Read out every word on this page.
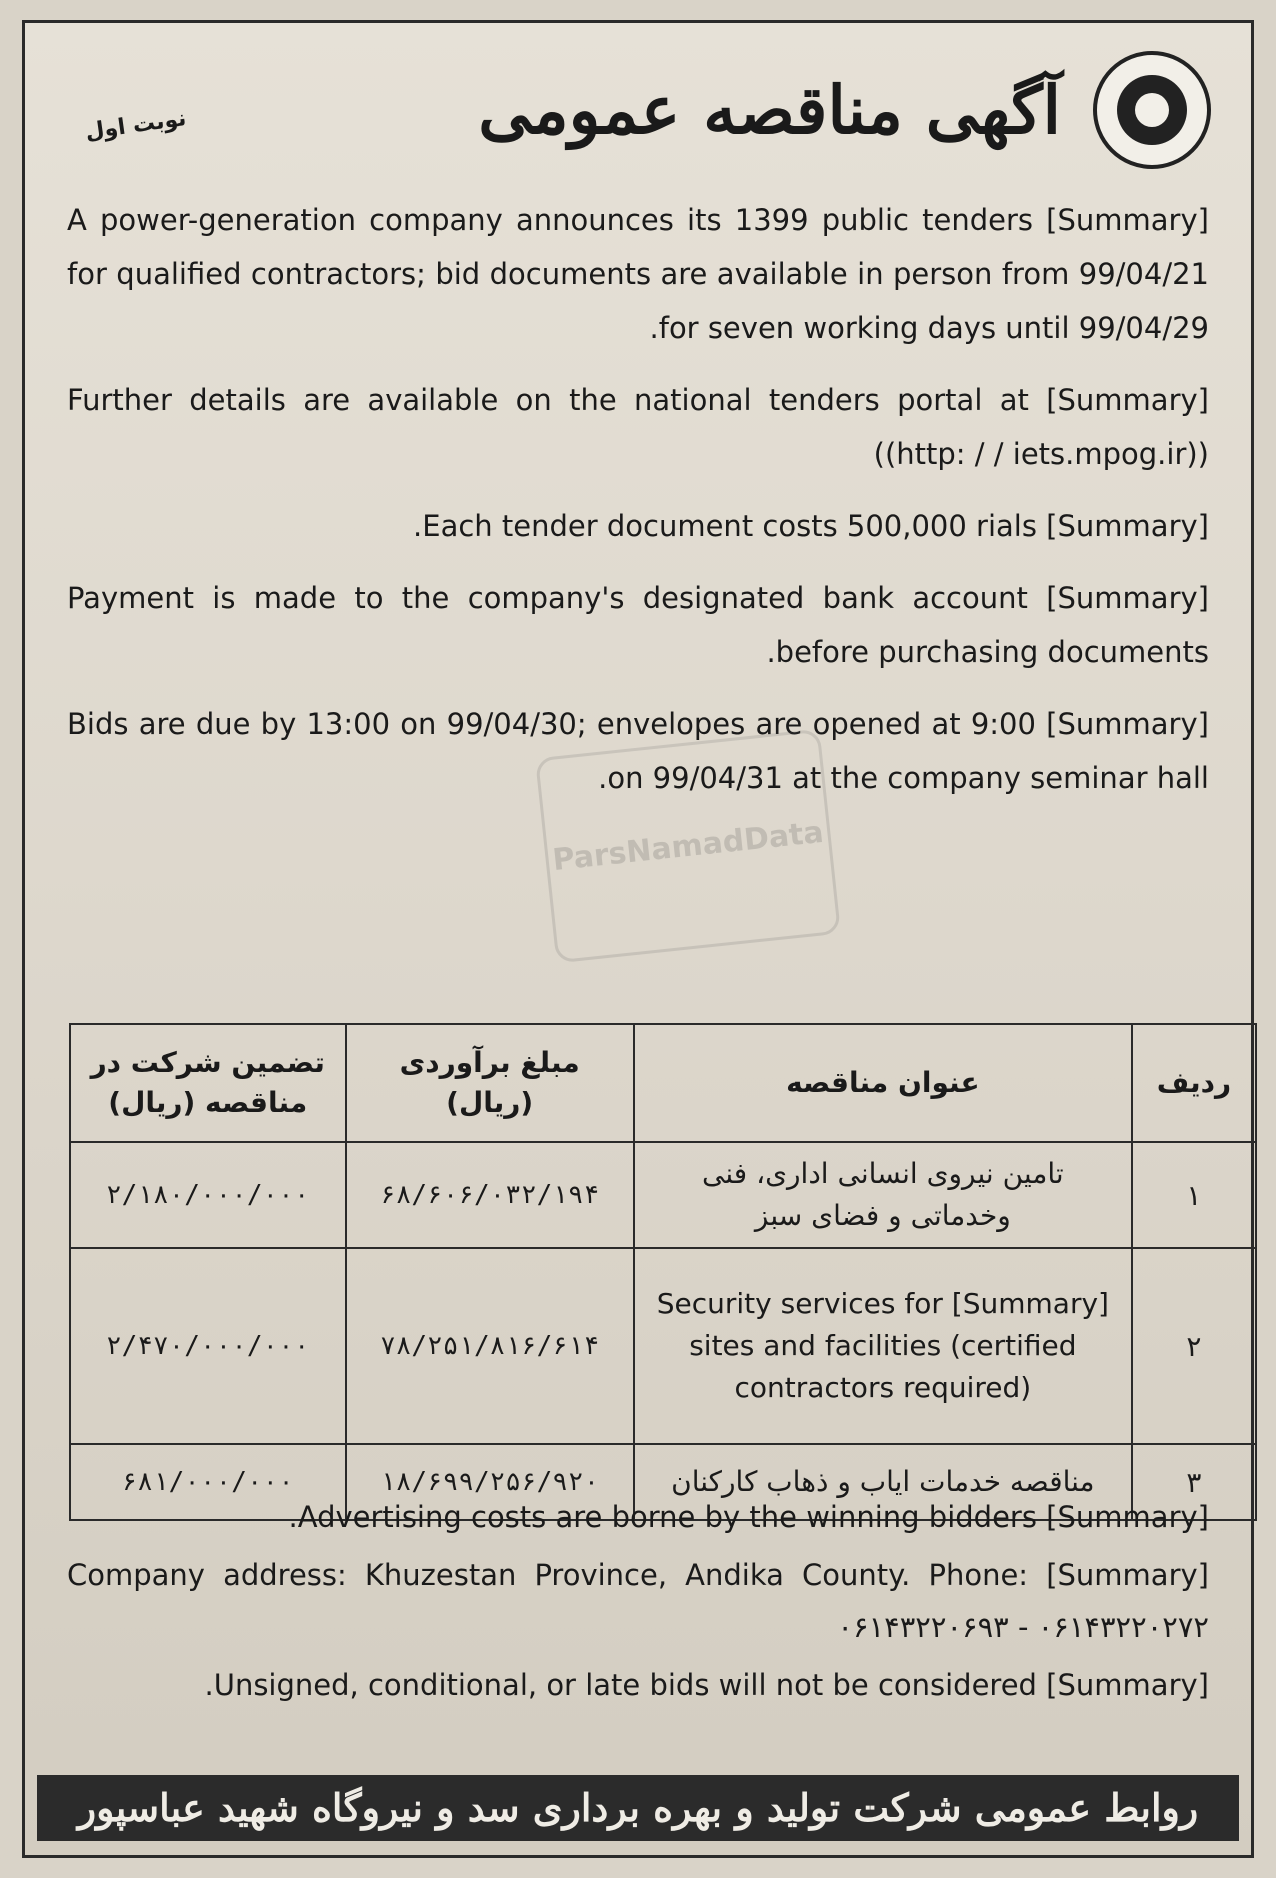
آگهی مناقصه عمومی
نوبت اول

[Summary] A power-generation company announces its 1399 public tenders for qualified contractors; bid documents are available in person from 99/04/21 for seven working days until 99/04/29.

[Summary] Further details are available on the national tenders portal at ((http: / / iets.mpog.ir))

[Summary] Each tender document costs 500,000 rials.

[Summary] Payment is made to the company's designated bank account before purchasing documents.

[Summary] Bids are due by 13:00 on 99/04/30; envelopes are opened at 9:00 on 99/04/31 at the company seminar hall.

ParsNamadData
ردیف	عنوان مناقصه	مبلغ برآوردی (ریال)	تضمین شرکت در مناقصه (ریال)
۱	تامین نیروی انسانی اداری، فنی وخدماتی و فضای سبز	۶۸/۶۰۶/۰۳۲/۱۹۴	۲/۱۸۰/۰۰۰/۰۰۰
۲	[Summary] Security services for sites and facilities (certified contractors required)	۷۸/۲۵۱/۸۱۶/۶۱۴	۲/۴۷۰/۰۰۰/۰۰۰
۳	مناقصه خدمات ایاب و ذهاب کارکنان	۱۸/۶۹۹/۲۵۶/۹۲۰	۶۸۱/۰۰۰/۰۰۰

[Summary] Advertising costs are borne by the winning bidders.

[Summary] Company address: Khuzestan Province, Andika County. Phone: ۰۶۱۴۳۲۲۰۶۹۳ - ۰۶۱۴۳۲۲۰۲۷۲

[Summary] Unsigned, conditional, or late bids will not be considered.

روابط عمومی شرکت تولید و بهره برداری سد و نیروگاه شهید عباسپور
